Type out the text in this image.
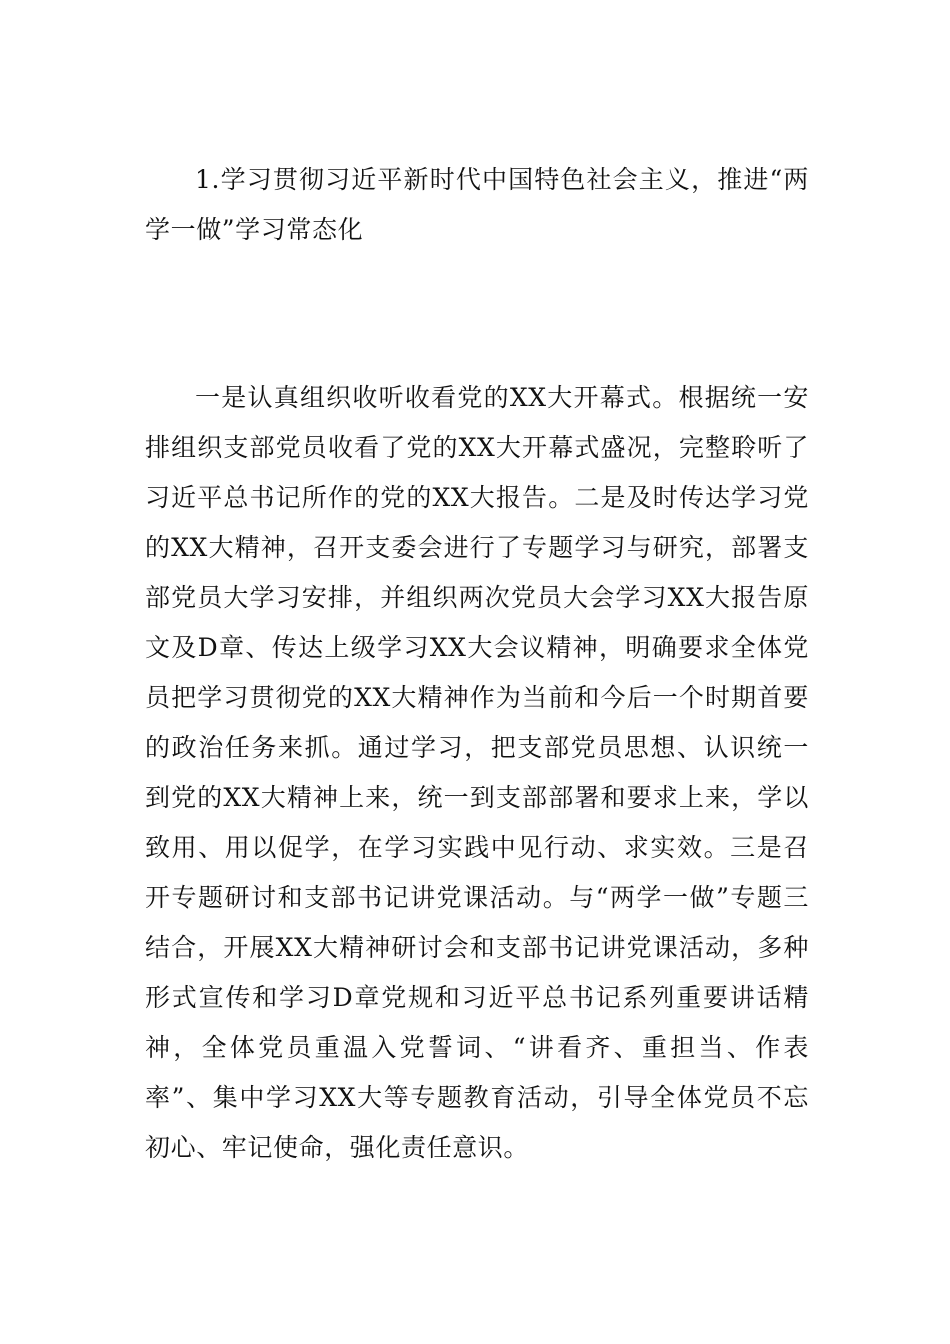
1.学习贯彻习近平新时代中国特色社会主义，推进“两学一做”学习常态化

一是认真组织收听收看党的XX大开幕式。根据统一安排组织支部党员收看了党的XX大开幕式盛况，完整聆听了习近平总书记所作的党的XX大报告。二是及时传达学习党的XX大精神，召开支委会进行了专题学习与研究，部署支部党员大学习安排，并组织两次党员大会学习XX大报告原文及D章、传达上级学习XX大会议精神，明确要求全体党员把学习贯彻党的XX大精神作为当前和今后一个时期首要的政治任务来抓。通过学习，把支部党员思想、认识统一到党的XX大精神上来，统一到支部部署和要求上来，学以致用、用以促学，在学习实践中见行动、求实效。三是召开专题研讨和支部书记讲党课活动。与“两学一做”专题三结合，开展XX大精神研讨会和支部书记讲党课活动，多种形式宣传和学习D章党规和习近平总书记系列重要讲话精神，全体党员重温入党誓词、“讲看齐、重担当、作表率”、集中学习XX大等专题教育活动，引导全体党员不忘初心、牢记使命，强化责任意识。
